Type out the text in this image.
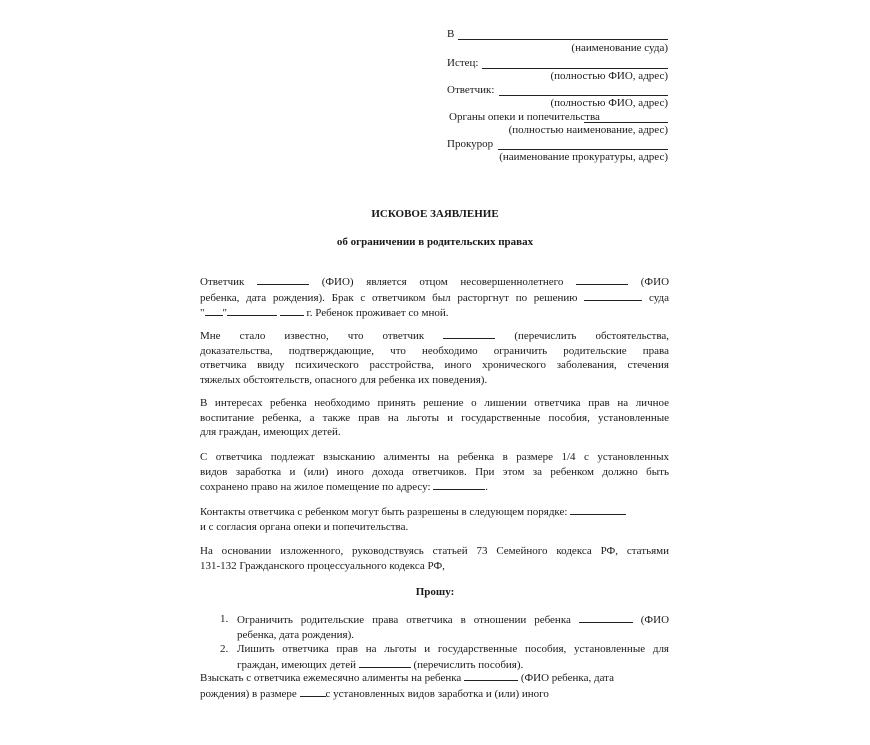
В
(наименование суда)
Истец:
(полностью ФИО, адрес)
Ответчик:
(полностью ФИО, адрес)
Органы опеки и попечительства
(полностью наименование, адрес)
Прокурор
(наименование прокуратуры, адрес)
ИСКОВОЕ ЗАЯВЛЕНИЕ
об ограничении в родительских правах
Ответчик	(ФИО) является отцом несовершеннолетнего	(ФИО
ребенка, дата рождения). Брак с ответчиком был расторгнут по решению	суда
" "	г. Ребенок проживает со мной.
Мне стало известно, что ответчик	(перечислить обстоятельства,
доказательства, подтверждающие, что необходимо ограничить родительские права
ответчика ввиду психического расстройства, иного хронического заболевания, стечения
тяжелых обстоятельств, опасного для ребенка их поведения).
В интересах ребенка необходимо принять решение о лишении ответчика прав на личное
воспитание ребенка, а также прав на льготы и государственные пособия, установленные
для граждан, имеющих детей.
С ответчика подлежат взысканию алименты на ребенка в размере 1/4 с установленных
видов заработка и (или) иного дохода ответчиков. При этом за ребенком должно быть
сохранено право на жилое помещение по адресу:	.
Контакты ответчика с ребенком могут быть разрешены в следующем порядке:
и с согласия органа опеки и попечительства.
На основании изложенного, руководствуясь статьей 73 Семейного кодекса РФ, статьями
131-132 Гражданского процессуального кодекса РФ,
Прошу:
1. Ограничить родительские права ответчика в отношении ребенка	(ФИО
ребенка, дата рождения).
2. Лишить ответчика прав на льготы и государственные пособия, установленные для
граждан, имеющих детей	(перечислить пособия).
Взыскать с ответчика ежемесячно алименты на ребенка	(ФИО ребенка, дата
рождения) в размере	с установленных видов заработка и (или) иного
